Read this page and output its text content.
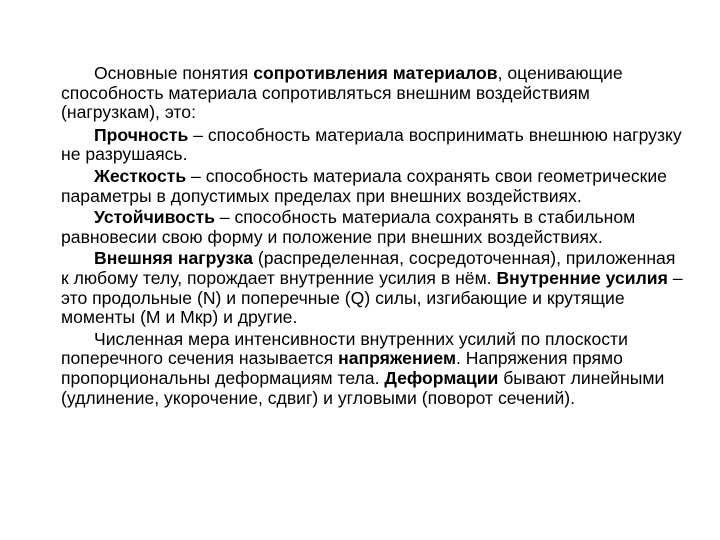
Основные понятия сопротивления материалов, оценивающие способность материала сопротивляться внешним воздействиям (нагрузкам), это:

Прочность – способность материала воспринимать внешнюю нагрузку не разрушаясь.

Жесткость – способность материала сохранять свои геометрические параметры в допустимых пределах при внешних воздействиях.

Устойчивость – способность материала сохранять в стабильном равновесии свою форму и положение при внешних воздействиях.

Внешняя нагрузка (распределенная, сосредоточенная), приложенная к любому телу, порождает внутренние усилия в нём. Внутренние усилия – это продольные (N) и поперечные (Q) силы, изгибающие и крутящие моменты (M и Mкр) и другие.

Численная мера интенсивности внутренних усилий по плоскости поперечного сечения называется напряжением. Напряжения прямо пропорциональны деформациям тела. Деформации бывают линейными (удлинение, укорочение, сдвиг) и угловыми (поворот сечений).
